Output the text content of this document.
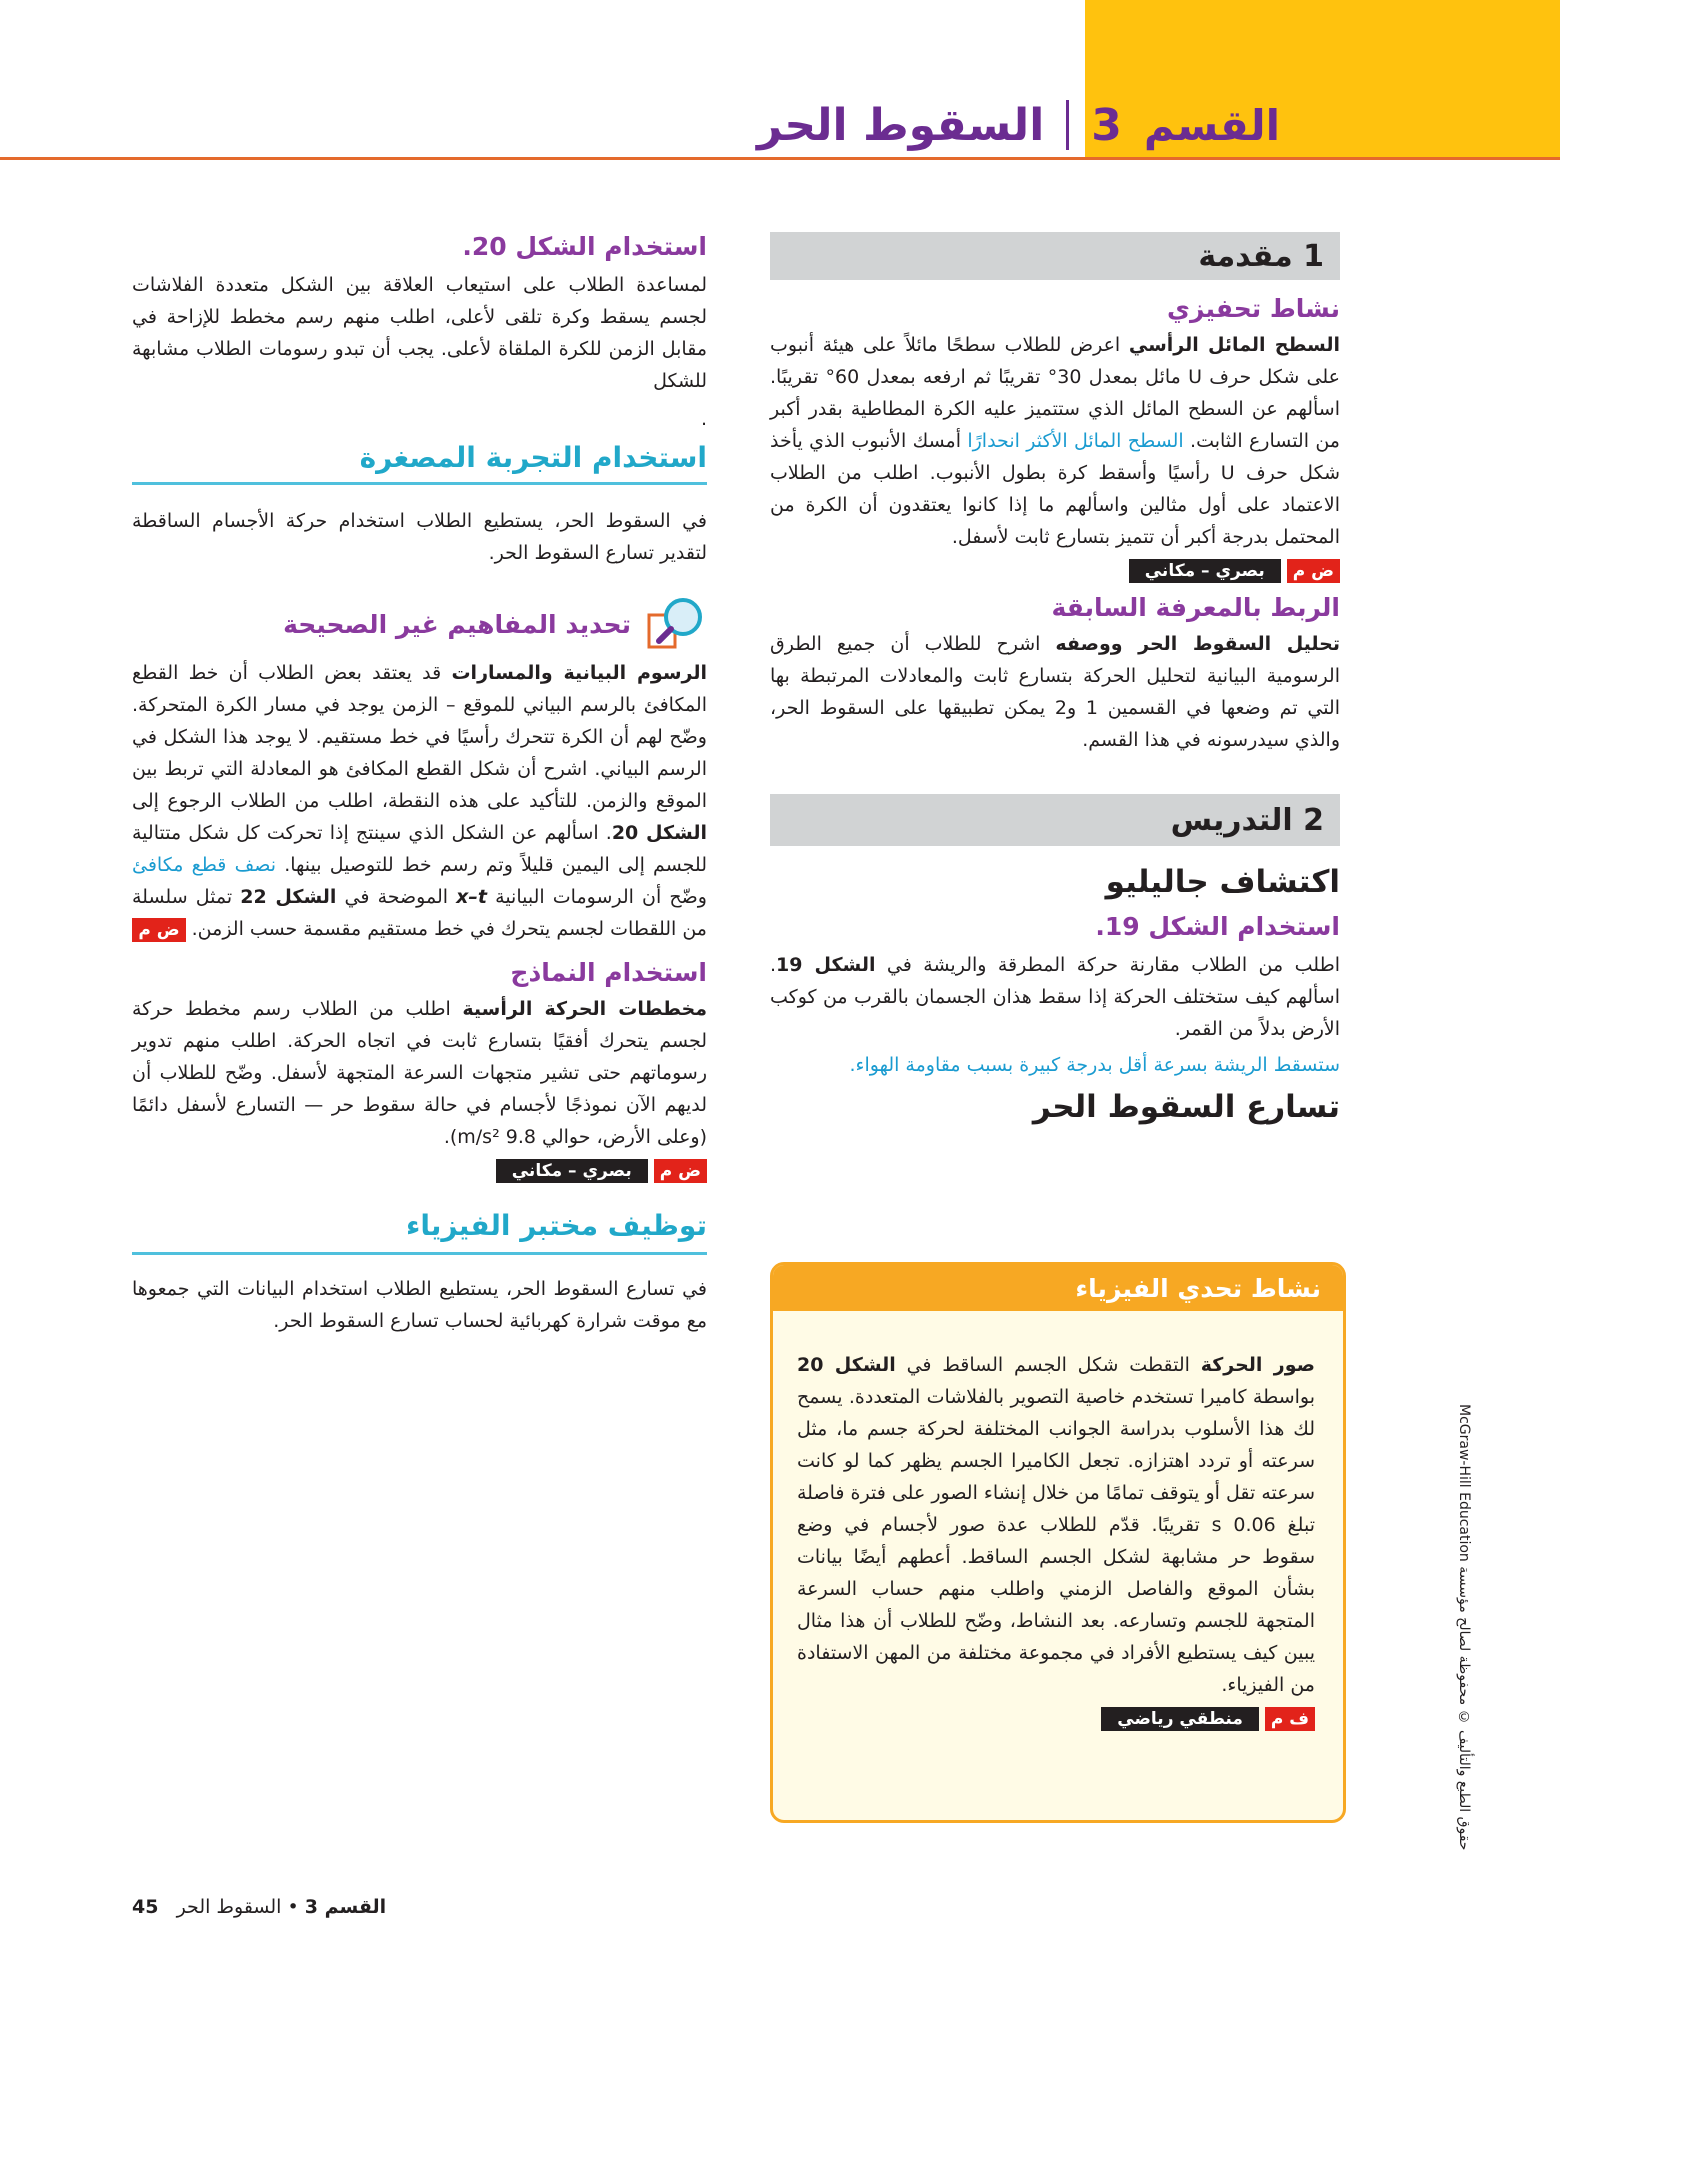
القسم
3
السقوط الحر
1 مقدمة
نشاط تحفيزي

السطح المائل الرأسي اعرض للطلاب سطحًا مائلاً على هيئة أنبوب على شكل حرف U مائل بمعدل 30° تقريبًا ثم ارفعه بمعدل 60° تقريبًا. اسألهم عن السطح المائل الذي ستتميز عليه الكرة المطاطية بقدر أكبر من التسارع الثابت. السطح المائل الأكثر انحدارًا أمسك الأنبوب الذي يأخذ شكل حرف U رأسيًا وأسقط كرة بطول الأنبوب. اطلب من الطلاب الاعتماد على أول مثالين واسألهم ما إذا كانوا يعتقدون أن الكرة من المحتمل بدرجة أكبر أن تتميز بتسارع ثابت لأسفل.

ض م
بصري – مكاني
الربط بالمعرفة السابقة

تحليل السقوط الحر ووصفه اشرح للطلاب أن جميع الطرق الرسومية البيانية لتحليل الحركة بتسارع ثابت والمعادلات المرتبطة بها التي تم وضعها في القسمين 1 و2 يمكن تطبيقها على السقوط الحر، والذي سيدرسونه في هذا القسم.

2 التدريس
اكتشاف جاليليو
استخدام الشكل 19.

اطلب من الطلاب مقارنة حركة المطرقة والريشة في الشكل 19. اسألهم كيف ستختلف الحركة إذا سقط هذان الجسمان بالقرب من كوكب الأرض بدلاً من القمر.

ستسقط الريشة بسرعة أقل بدرجة كبيرة بسبب مقاومة الهواء.

تسارع السقوط الحر
نشاط تحدي الفيزياء

صور الحركة التقطت شكل الجسم الساقط في الشكل 20 بواسطة كاميرا تستخدم خاصية التصوير بالفلاشات المتعددة. يسمح لك هذا الأسلوب بدراسة الجوانب المختلفة لحركة جسم ما، مثل سرعته أو تردد اهتزازه. تجعل الكاميرا الجسم يظهر كما لو كانت سرعته تقل أو يتوقف تمامًا من خلال إنشاء الصور على فترة فاصلة تبلغ 0.06 s تقريبًا. قدّم للطلاب عدة صور لأجسام في وضع سقوط حر مشابهة لشكل الجسم الساقط. أعطهم أيضًا بيانات بشأن الموقع والفاصل الزمني واطلب منهم حساب السرعة المتجهة للجسم وتسارعه. بعد النشاط، وضّح للطلاب أن هذا مثال يبين كيف يستطيع الأفراد في مجموعة مختلفة من المهن الاستفادة من الفيزياء.

ف م
منطقي رياضي
استخدام الشكل 20.

لمساعدة الطلاب على استيعاب العلاقة بين الشكل متعددة الفلاشات لجسم يسقط وكرة تلقى لأعلى، اطلب منهم رسم مخطط للإزاحة في مقابل الزمن للكرة الملقاة لأعلى. يجب أن تبدو رسومات الطلاب مشابهة للشكل

.

استخدام التجربة المصغرة

في السقوط الحر، يستطيع الطلاب استخدام حركة الأجسام الساقطة لتقدير تسارع السقوط الحر.

تحديد المفاهيم غير الصحيحة

الرسوم البيانية والمسارات قد يعتقد بعض الطلاب أن خط القطع المكافئ بالرسم البياني للموقع – الزمن يوجد في مسار الكرة المتحركة. وضّح لهم أن الكرة تتحرك رأسيًا في خط مستقيم. لا يوجد هذا الشكل في الرسم البياني. اشرح أن شكل القطع المكافئ هو المعادلة التي تربط بين الموقع والزمن. للتأكيد على هذه النقطة، اطلب من الطلاب الرجوع إلى الشكل 20. اسألهم عن الشكل الذي سينتج إذا تحركت كل شكل متتالية للجسم إلى اليمين قليلاً وتم رسم خط للتوصيل بينها. نصف قطع مكافئ وضّح أن الرسومات البيانية x–t الموضحة في الشكل 22 تمثل سلسلة من اللقطات لجسم يتحرك في خط مستقيم مقسمة حسب الزمن. ض م

استخدام النماذج

مخططات الحركة الرأسية اطلب من الطلاب رسم مخطط حركة لجسم يتحرك أفقيًا بتسارع ثابت في اتجاه الحركة. اطلب منهم تدوير رسوماتهم حتى تشير متجهات السرعة المتجهة لأسفل. وضّح للطلاب أن لديهم الآن نموذجًا لأجسام في حالة سقوط حر — التسارع لأسفل دائمًا (وعلى الأرض، حوالي 9.8 m/s²).

ض م
بصري – مكاني
توظيف مختبر الفيزياء

في تسارع السقوط الحر، يستطيع الطلاب استخدام البيانات التي جمعوها مع موقت شرارة كهربائية لحساب تسارع السقوط الحر.

حقوق الطبع والتأليف © محفوظة لصالح مؤسسة McGraw-Hill Education
القسم 3 • السقوط الحر   45
